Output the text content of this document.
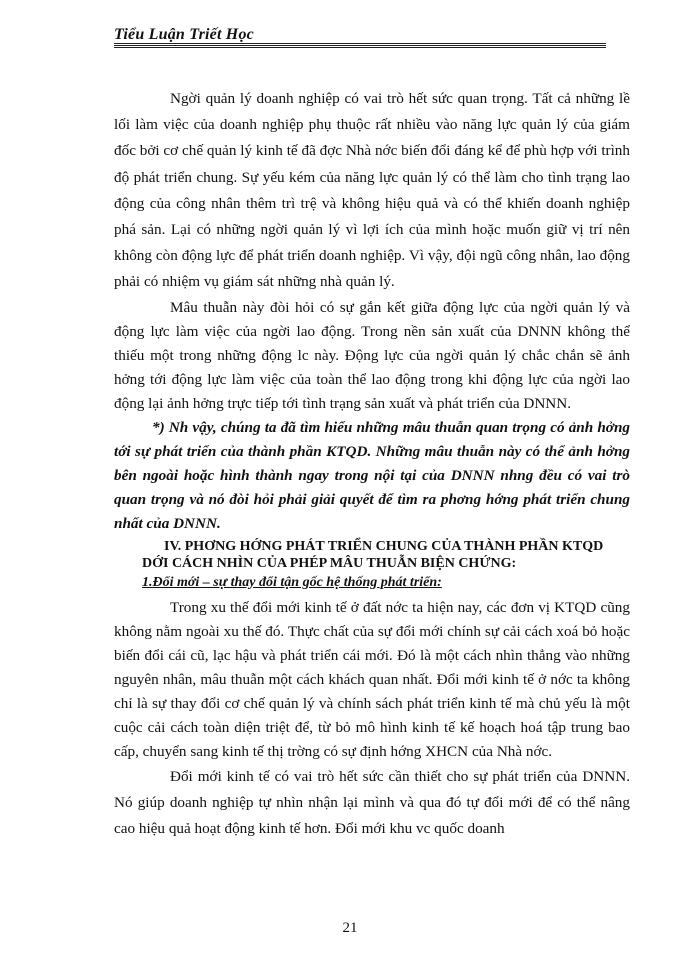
Tiểu Luận Triết Học

Ngời quản lý doanh nghiệp có vai trò hết sức quan trọng. Tất cả những lề lối làm việc của doanh nghiệp phụ thuộc rất nhiều vào năng lực quản lý của giám đốc bởi cơ chế quản lý kinh tế đã đợc Nhà nớc biến đổi đáng kể để phù hợp với trình độ phát triển chung. Sự yếu kém của năng lực quản lý có thể làm cho tình trạng lao động của công nhân thêm trì trệ và không hiệu quả và có thể khiến doanh nghiệp phá sản. Lại có những ngời quản lý vì lợi ích của mình hoặc muốn giữ vị trí nên không còn động lực để phát triển doanh nghiệp. Vì vậy, đội ngũ công nhân, lao động phải có nhiệm vụ giám sát những nhà quản lý.

Mâu thuẫn này đòi hỏi có sự gắn kết giữa động lực của ngời quản lý và động lực làm việc của ngời lao động. Trong nền sản xuất của DNNN không thể thiếu một trong những động lc này. Động lực của ngời quản lý chắc chắn sẽ ảnh hởng tới động lực làm việc của toàn thể lao động trong khi động lực của ngời lao động lại ảnh hởng trực tiếp tới tình trạng sản xuất và phát triển của DNNN.

*) Nh vậy, chúng ta đã tìm hiểu những mâu thuẫn quan trọng có ảnh hởng tới sự phát triển của thành phần KTQD. Những mâu thuẫn này có thể ảnh hởng bên ngoài hoặc hình thành ngay trong nội tại của DNNN nhng đều có vai trò quan trọng và nó đòi hỏi phải giải quyết để tìm ra phơng hớng phát triển chung nhất của DNNN.

IV. PHƠNG HỚNG PHÁT TRIỂN CHUNG CỦA THÀNH PHẦN KTQD
DỚI CÁCH NHÌN CỦA PHÉP MÂU THUẪN BIỆN CHỨNG:
1.Đổi mới – sự thay đổi tận gốc hệ thống phát triển:

Trong xu thế đổi mới kinh tế ở đất nớc ta hiện nay, các đơn vị KTQD cũng không nằm ngoài xu thế đó. Thực chất của sự đổi mới chính sự cải cách xoá bỏ hoặc biến đổi cái cũ, lạc hậu và phát triển cái mới. Đó là một cách nhìn thẳng vào những nguyên nhân, mâu thuẫn một cách khách quan nhất. Đổi mới kinh tế ở nớc ta không chỉ là sự thay đổi cơ chế quản lý và chính sách phát triển kinh tế mà chủ yếu là một cuộc cải cách toàn diện triệt để, từ bỏ mô hình kinh tế kế hoạch hoá tập trung bao cấp, chuyển sang kinh tế thị trờng có sự định hớng XHCN của Nhà nớc.

Đổi mới kinh tế có vai trò hết sức cần thiết cho sự phát triển của DNNN. Nó giúp doanh nghiệp tự nhìn nhận lại mình và qua đó tự đổi mới để có thể nâng cao hiệu quả hoạt động kinh tế hơn. Đổi mới khu vc quốc doanh

21
